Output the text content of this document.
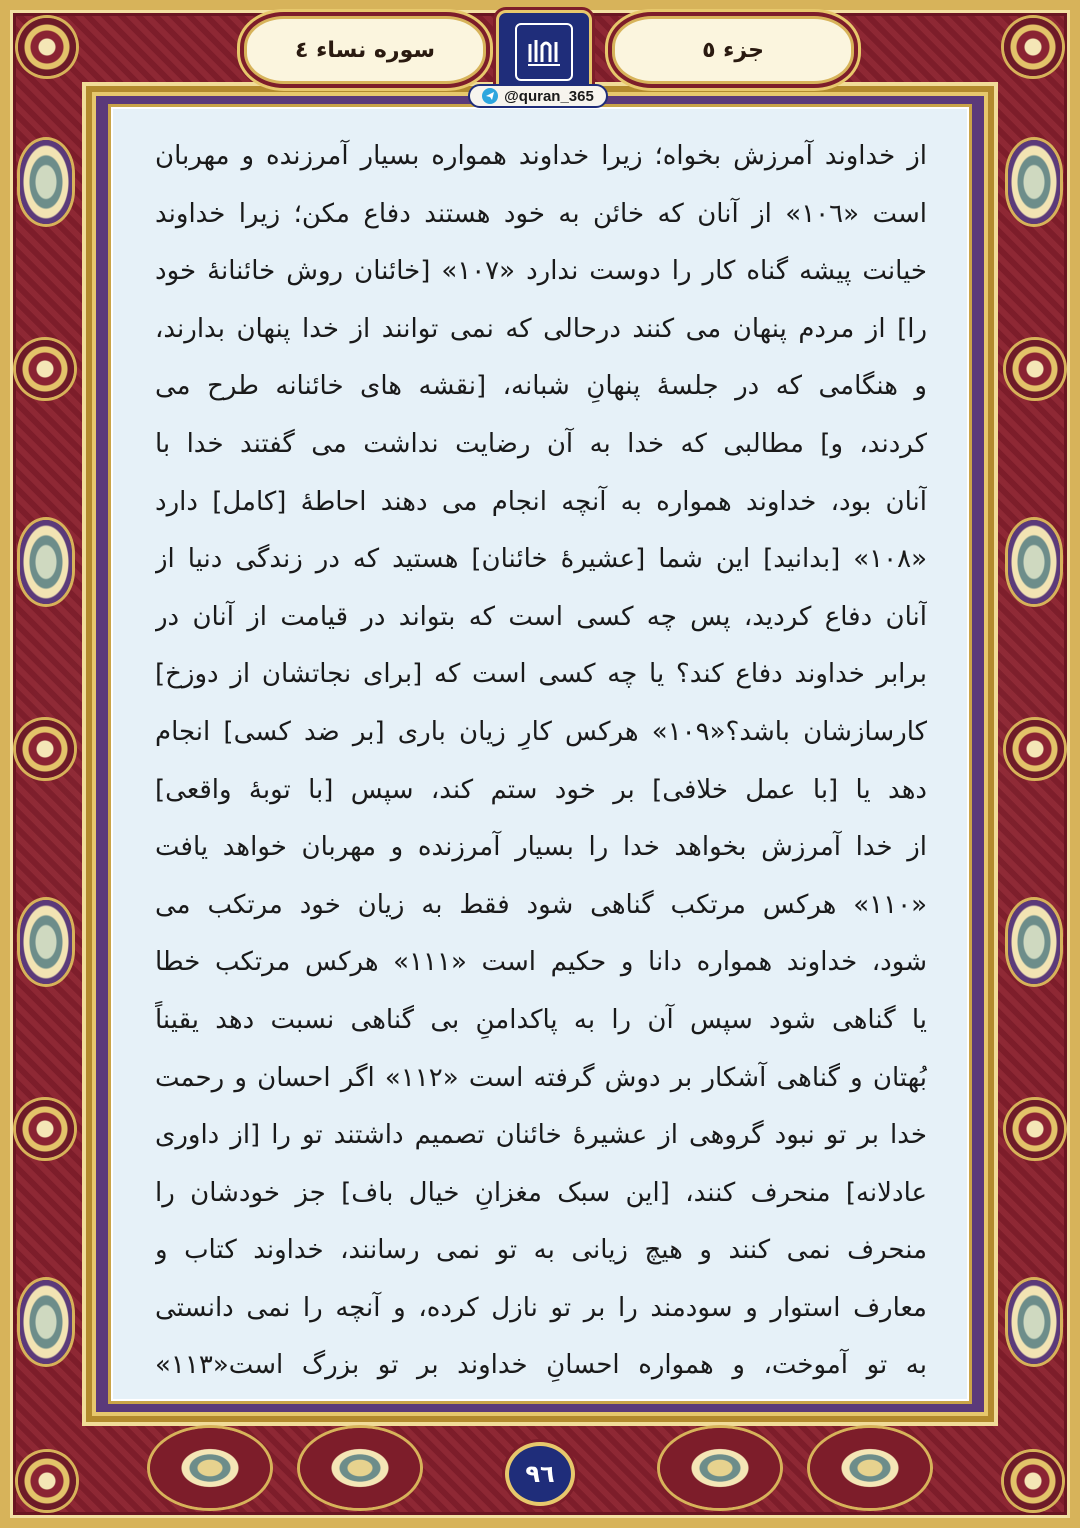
سوره نساء ٤	جزء ٥
@quran_365
از خداوند آمرزش بخواه؛ زیرا خداوند همواره بسیار آمرزنده و مهربان
است «١٠٦» از آنان که خائن به خود هستند دفاع مکن؛ زیرا خداوند
خیانت پیشه گناه کار را دوست ندارد «١٠٧» [خائنان روش خائنانهٔ خود
را] از مردم پنهان می کنند درحالی که نمی توانند از خدا پنهان بدارند،
و هنگامی که در جلسهٔ پنهانِ شبانه، [نقشه های خائنانه طرح می
کردند، و] مطالبی که خدا به آن رضایت نداشت می گفتند خدا با
آنان بود، خداوند همواره به آنچه انجام می دهند احاطهٔ [کامل] دارد
«١٠٨» [بدانید] این شما [عشیرهٔ خائنان] هستید که در زندگی دنیا از
آنان دفاع کردید، پس چه کسی است که بتواند در قیامت از آنان در
برابر خداوند دفاع کند؟ یا چه کسی است که [برای نجاتشان از دوزخ]
کارسازشان باشد؟«١٠٩» هرکس کارِ زیان باری [بر ضد کسی] انجام
دهد یا [با عمل خلافی] بر خود ستم کند، سپس [با توبهٔ واقعی]
از خدا آمرزش بخواهد خدا را بسیار آمرزنده و مهربان خواهد یافت
«١١٠» هرکس مرتکب گناهی شود فقط به زیان خود مرتکب می
شود، خداوند همواره دانا و حکیم است «١١١» هرکس مرتکب خطا
یا گناهی شود سپس آن را به پاکدامنِ بی گناهی نسبت دهد یقیناً
بُهتان و گناهی آشکار بر دوش گرفته است «١١٢» اگر احسان و رحمت
خدا بر تو نبود گروهی از عشیرهٔ خائنان تصمیم داشتند تو را [از داوری
عادلانه] منحرف کنند، [این سبک مغزانِ خیال باف] جز خودشان را
منحرف نمی کنند و هیچ زیانی به تو نمی رسانند، خداوند کتاب و
معارف استوار و سودمند را بر تو نازل کرده، و آنچه را نمی دانستی
به تو آموخت، و همواره احسانِ خداوند بر تو بزرگ است«١١٣»
٩٦
